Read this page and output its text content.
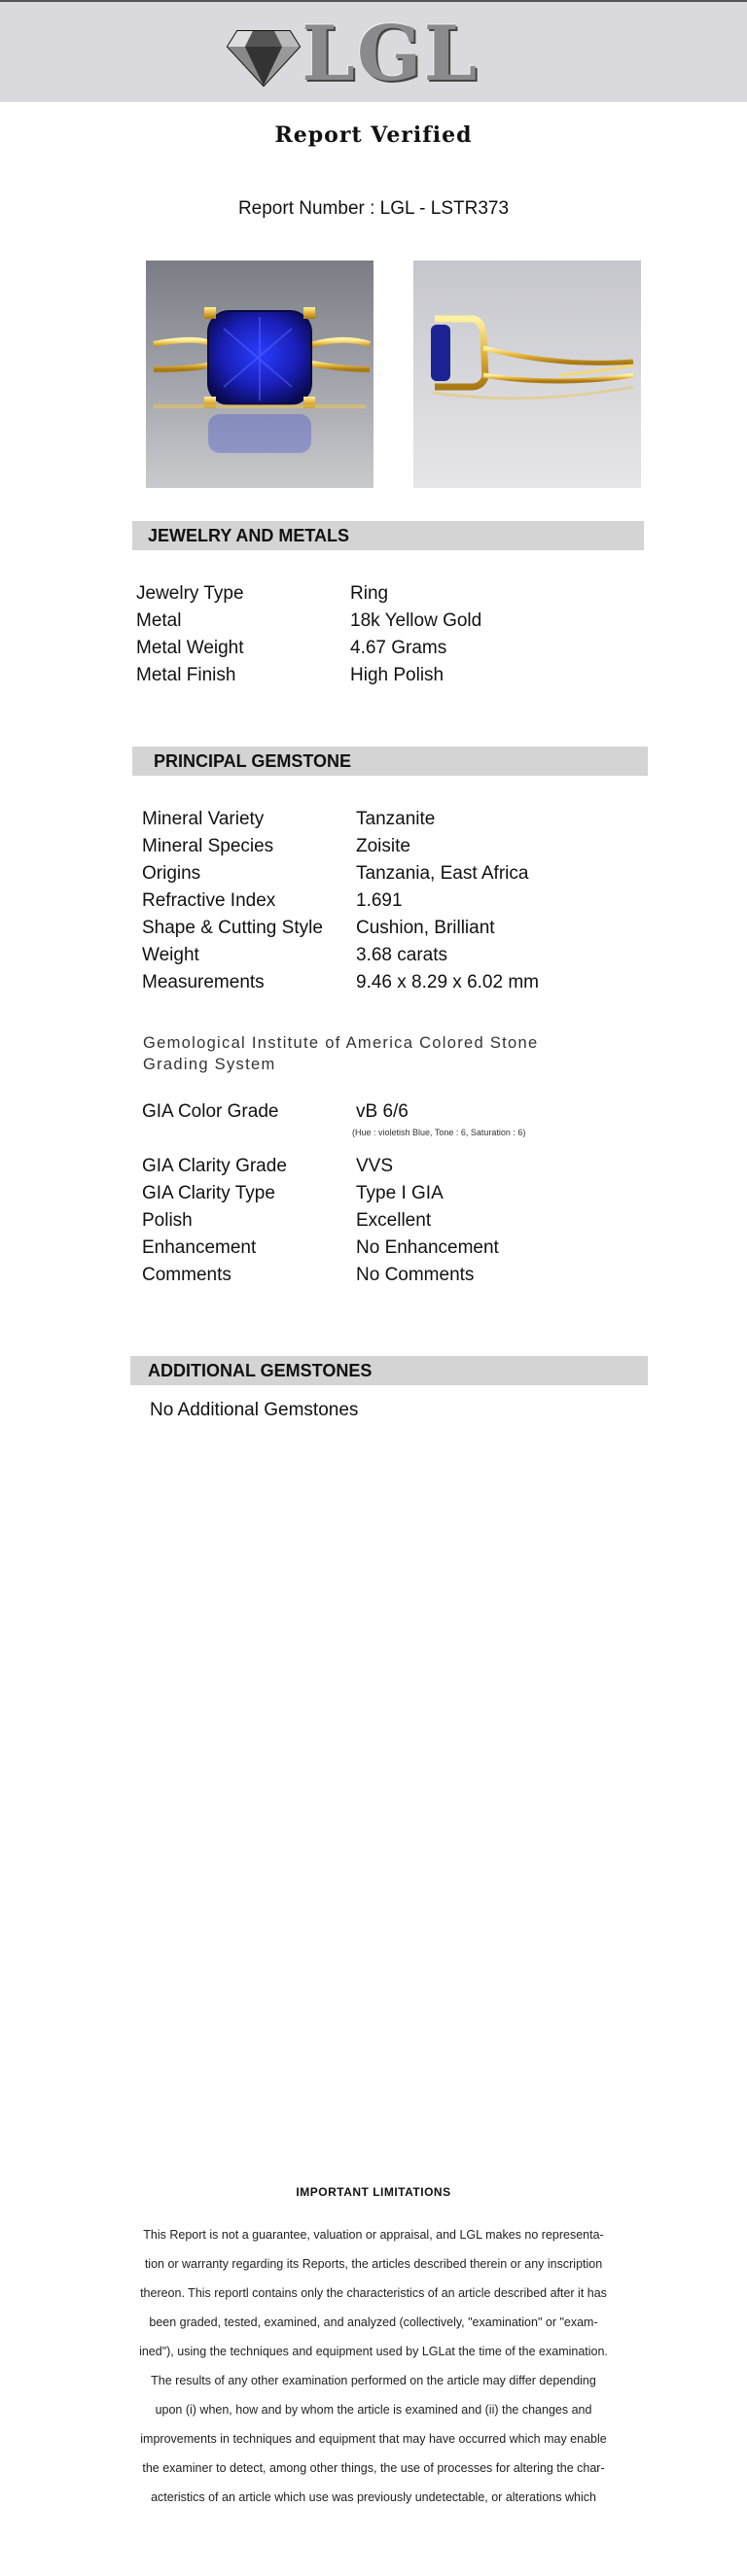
LGL
Report Verified
Report Number : LGL - LSTR373
JEWELRY AND METALS
Jewelry Type	Ring
Metal	18k Yellow Gold
Metal Weight	4.67 Grams
Metal Finish	High Polish
PRINCIPAL GEMSTONE
Mineral Variety	Tanzanite
Mineral Species	Zoisite
Origins	Tanzania, East Africa
Refractive Index	1.691
Shape & Cutting Style	Cushion, Brilliant
Weight	3.68 carats
Measurements	9.46 x 8.29 x 6.02 mm
Gemological Institute of America Colored Stone Grading System
GIA Color Grade	vB 6/6
(Hue : violetish Blue, Tone : 6, Saturation : 6)
GIA Clarity Grade	VVS
GIA Clarity Type	Type I GIA
Polish	Excellent
Enhancement	No Enhancement
Comments	No Comments
ADDITIONAL GEMSTONES
No Additional Gemstones
IMPORTANT LIMITATIONS
This Report is not a guarantee, valuation or appraisal, and LGL makes no representa-
tion or warranty regarding its Reports, the articles described therein or any inscription
thereon. This reportl contains only the characteristics of an article described after it has
been graded, tested, examined, and analyzed (collectively, "examination" or "exam-
ined"), using the techniques and equipment used by LGLat the time of the examination.
The results of any other examination performed on the article may differ depending
upon (i) when, how and by whom the article is examined and (ii) the changes and
improvements in techniques and equipment that may have occurred which may enable
the examiner to detect, among other things, the use of processes for altering the char-
acteristics of an article which use was previously undetectable, or alterations which
